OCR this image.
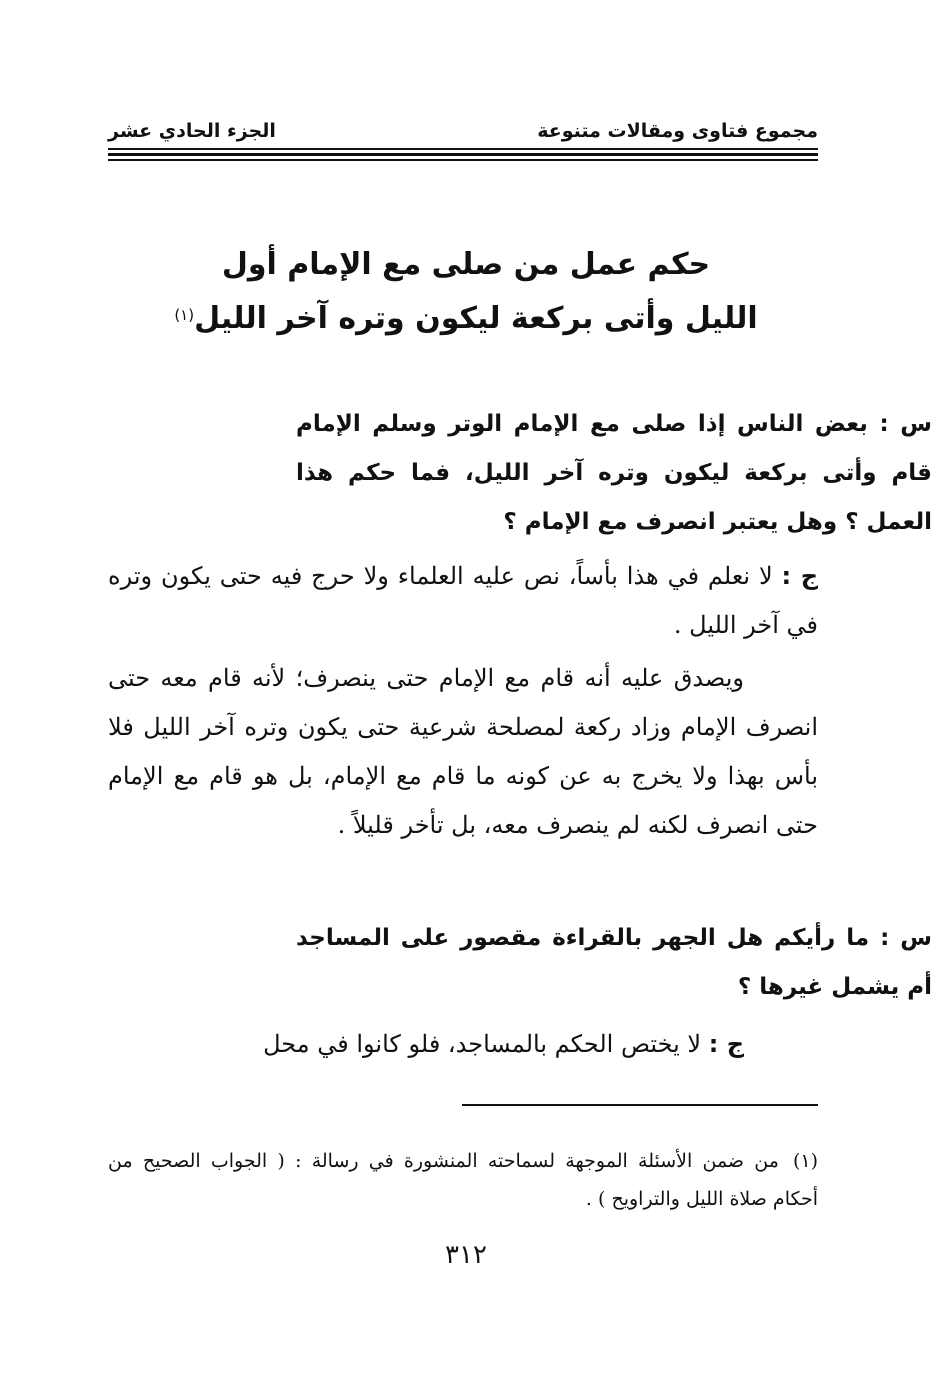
مجموع فتاوى ومقالات متنوعة
الجزء الحادي عشر
حكم عمل من صلى مع الإمام أول
الليل وأتى بركعة ليكون وتره آخر الليل$^{(١)}$
س : بعض الناس إذا صلى مع الإمام الوتر وسلم الإمام قام وأتى بركعة ليكون وتره آخر الليل، فما حكم هذا العمل ؟ وهل يعتبر انصرف مع الإمام ؟
ج : لا نعلم في هذا بأساً، نص عليه العلماء ولا حرج فيه حتى يكون وتره في آخر الليل .
ويصدق عليه أنه قام مع الإمام حتى ينصرف؛ لأنه قام معه حتى انصرف الإمام وزاد ركعة لمصلحة شرعية حتى يكون وتره آخر الليل فلا بأس بهذا ولا يخرج به عن كونه ما قام مع الإمام، بل هو قام مع الإمام حتى انصرف لكنه لم ينصرف معه، بل تأخر قليلاً .
س : ما رأيكم هل الجهر بالقراءة مقصور على المساجد أم يشمل غيرها ؟
ج : لا يختص الحكم بالمساجد، فلو كانوا في محل
(١)من ضمن الأسئلة الموجهة لسماحته المنشورة في رسالة : ( الجواب الصحيح من أحكام صلاة الليل والتراويح ) .
٣١٢
